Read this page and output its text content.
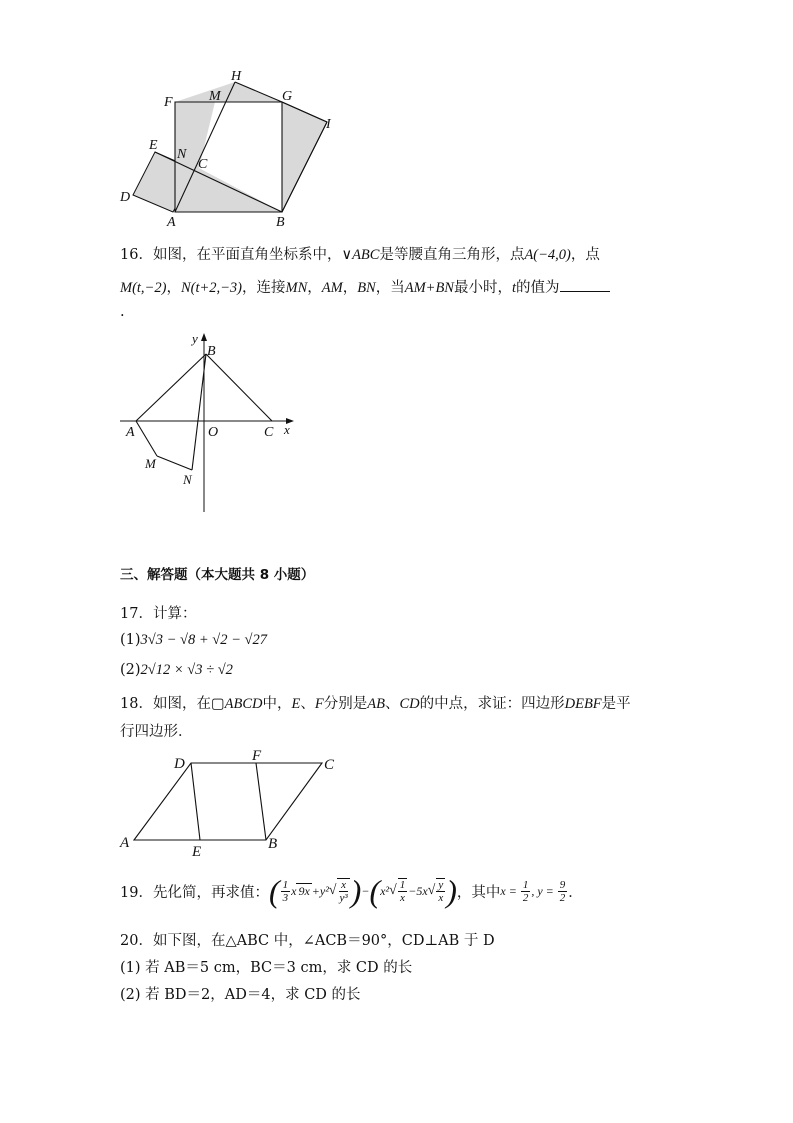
H
F	M	G
I
E
N
C
D
A	B
16．如图，在平面直角坐标系中，∨ABC是等腰直角三角形，点A(−4,0)，点
M(t,−2)，N(t+2,−3)，连接MN，AM，BN，当AM+BN最小时，t的值为
.
y
B
A	O	C x
M
N
三、解答题（本大题共 8 小题）
17．计算：
(1)3√3 − √8 + √2 − √27
(2)2√12 × √3 ÷ √2
18．如图，在▢ABCD中，E、F分别是AB、CD的中点，求证：四边形DEBF是平
行四边形．
D	F
C
A
E	B
19．先化简，再求值： ( $\frac{1}{3}$ x 9x +y² √ $\frac{x}{\text{y³}}$ ) − ( x² √ $\frac{1}{x} -5x$ √ $\frac{y}{x}$ ) ，其中 $x = \frac{1}{2}$ , $y = \frac{9}{2}$ ．
20．如下图，在△ABC 中，∠ACB＝90°，CD⊥AB 于 D
(1) 若 AB＝5 cm，BC＝3 cm，求 CD 的长
(2) 若 BD＝2，AD＝4，求 CD 的长
